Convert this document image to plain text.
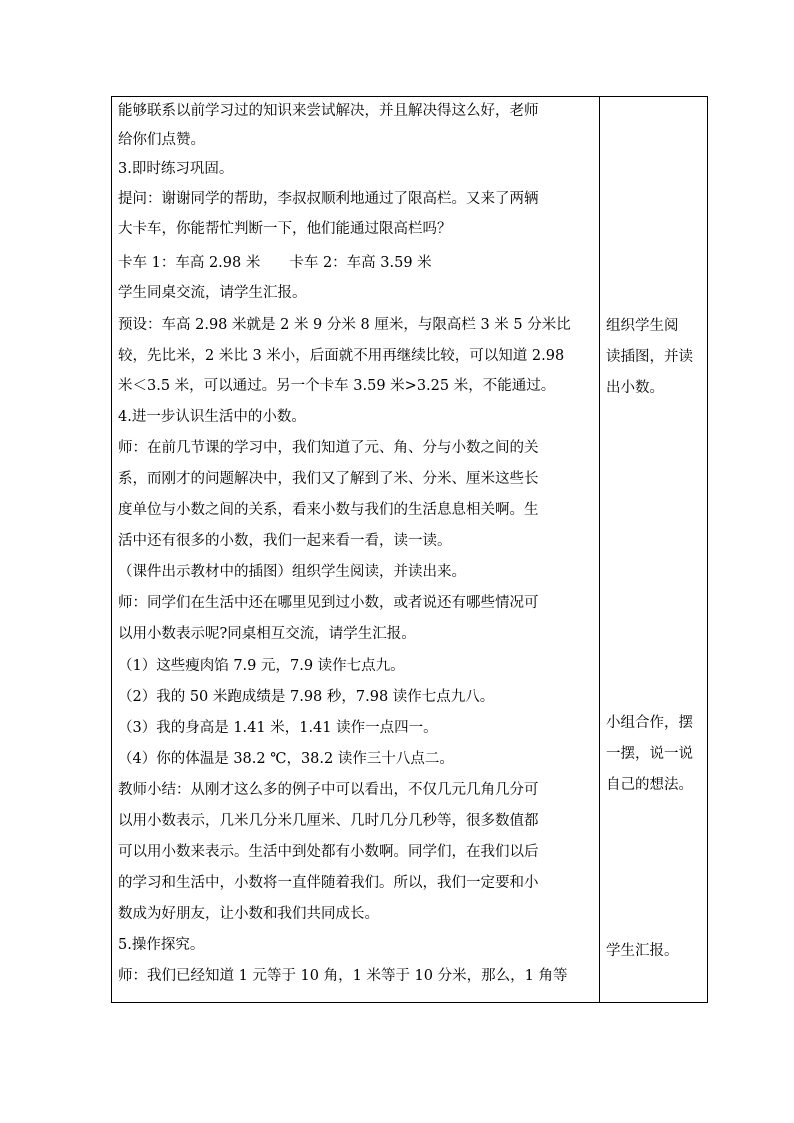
能够联系以前学习过的知识来尝试解决，并且解决得这么好，老师
给你们点赞。
3.即时练习巩固。
提问：谢谢同学的帮助，李叔叔顺利地通过了限高栏。又来了两辆
大卡车，你能帮忙判断一下，他们能通过限高栏吗？
卡车 1：车高 2.98 米　　卡车 2：车高 3.59 米
学生同桌交流，请学生汇报。
预设：车高 2.98 米就是 2 米 9 分米 8 厘米，与限高栏 3 米 5 分米比
较，先比米，2 米比 3 米小，后面就不用再继续比较，可以知道 2.98
米＜3.5 米，可以通过。另一个卡车 3.59 米>3.25 米，不能通过。
4.进一步认识生活中的小数。
师：在前几节课的学习中，我们知道了元、角、分与小数之间的关
系，而刚才的问题解决中，我们又了解到了米、分米、厘米这些长
度单位与小数之间的关系，看来小数与我们的生活息息相关啊。生
活中还有很多的小数，我们一起来看一看，读一读。
（课件出示教材中的插图）组织学生阅读，并读出来。
师：同学们在生活中还在哪里见到过小数，或者说还有哪些情况可
以用小数表示呢?同桌相互交流，请学生汇报。
（1）这些瘦肉馅 7.9 元，7.9 读作七点九。
（2）我的 50 米跑成绩是 7.98 秒，7.98 读作七点九八。
（3）我的身高是 1.41 米，1.41 读作一点四一。
（4）你的体温是 38.2 ℃，38.2 读作三十八点二。
教师小结：从刚才这么多的例子中可以看出，不仅几元几角几分可
以用小数表示，几米几分米几厘米、几时几分几秒等，很多数值都
可以用小数来表示。生活中到处都有小数啊。同学们，在我们以后
的学习和生活中，小数将一直伴随着我们。所以，我们一定要和小
数成为好朋友，让小数和我们共同成长。
5.操作探究。
师：我们已经知道 1 元等于 10 角，1 米等于 10 分米，那么，1 角等
组织学生阅
读插图，并读
出小数。
小组合作，摆
一摆，说一说
自己的想法。
学生汇报。
